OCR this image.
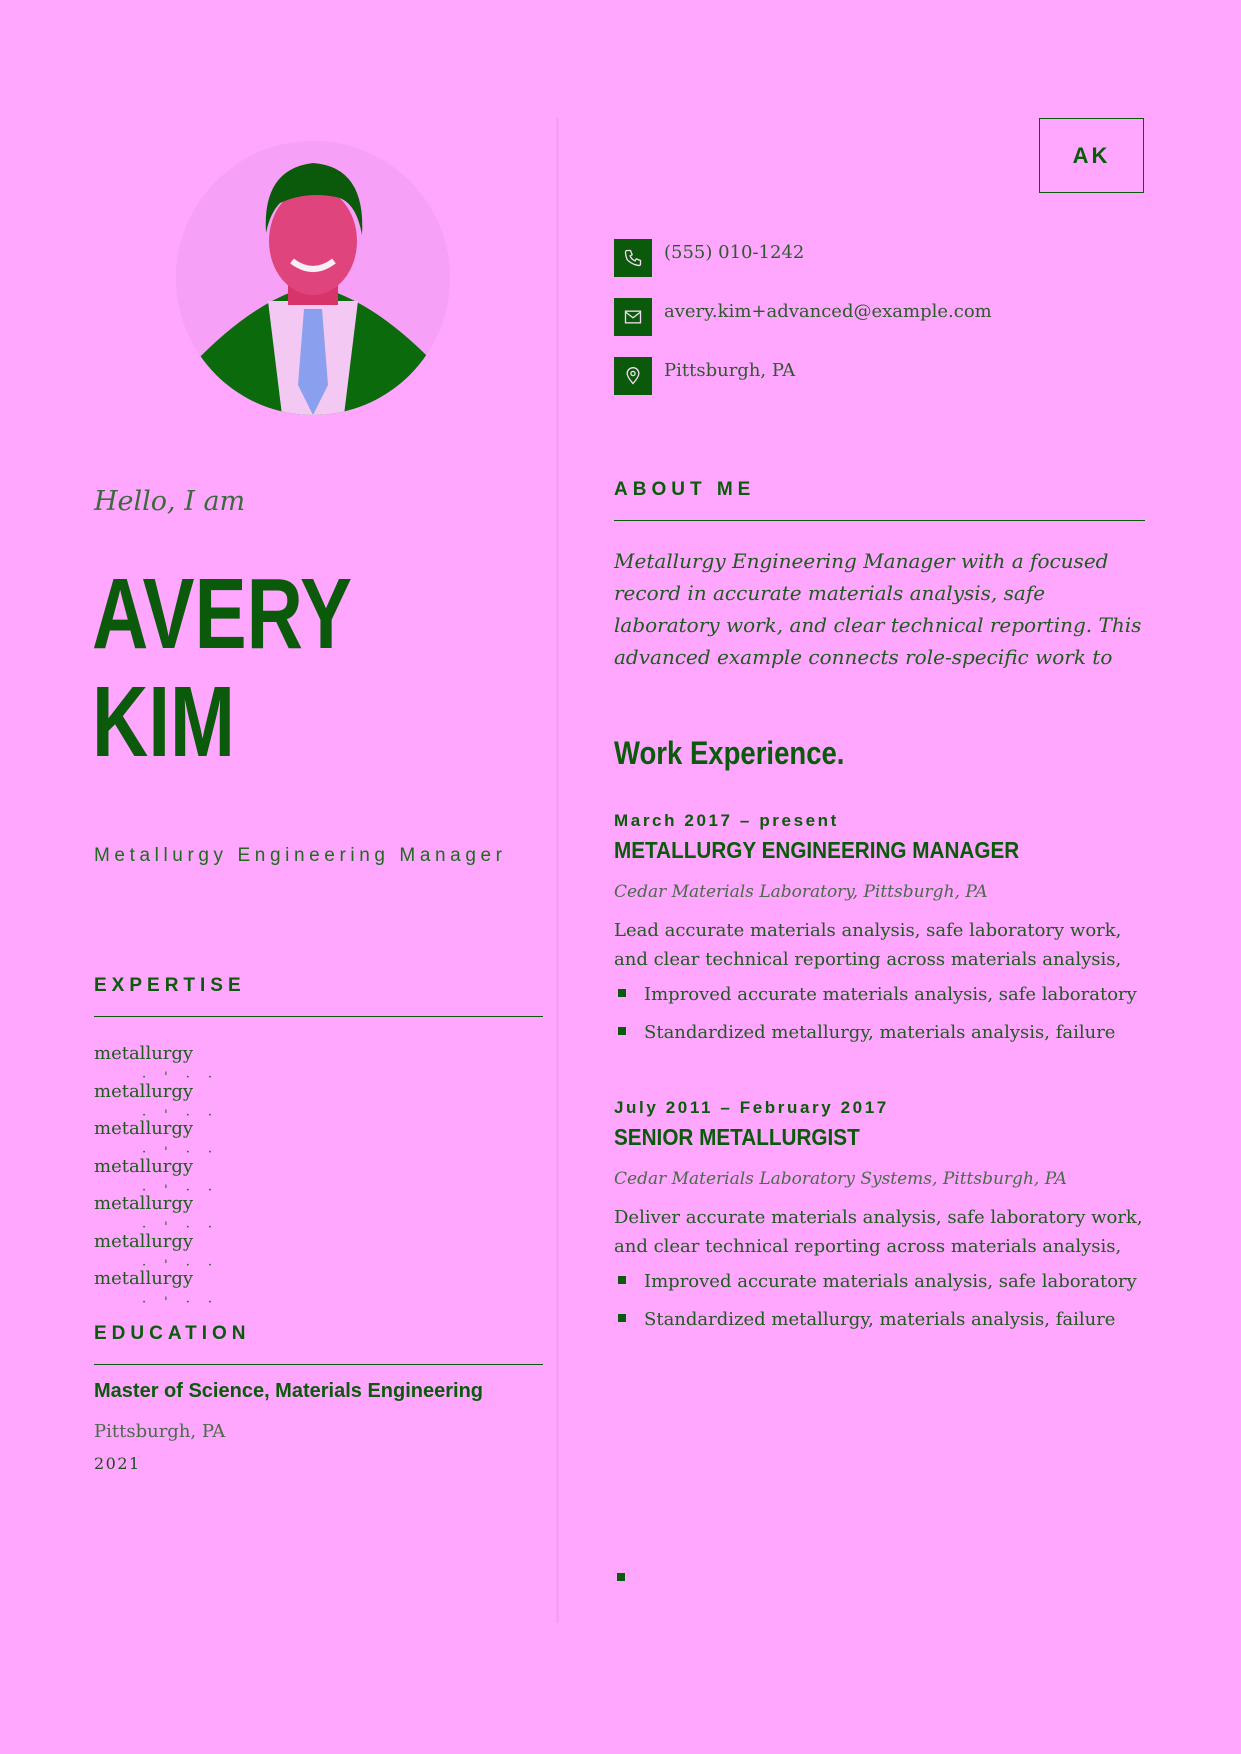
Hello, I am

AVERY
KIM

Metallurgy Engineering Manager

EXPERTISE
metallurgy
·'··
metallurgy
·'··
metallurgy
·'··
metallurgy
·'··
metallurgy
·'··
metallurgy
·'··
metallurgy
·'··
EDUCATION

Master of Science, Materials Engineering

Pittsburgh, PA

2021

AK
(555) 010-1242
avery.kim+advanced@example.com
Pittsburgh, PA
ABOUT ME

Metallurgy Engineering Manager with a focused record in accurate materials analysis, safe laboratory work, and clear technical reporting. This advanced example connects role-specific work to

Work Experience.

March 2017 – present

METALLURGY ENGINEERING MANAGER

Cedar Materials Laboratory, Pittsburgh, PA

Lead accurate materials analysis, safe laboratory work, and clear technical reporting across materials analysis,

Improved accurate materials analysis, safe laboratory
Standardized metallurgy, materials analysis, failure

July 2011 – February 2017

SENIOR METALLURGIST

Cedar Materials Laboratory Systems, Pittsburgh, PA

Deliver accurate materials analysis, safe laboratory work, and clear technical reporting across materials analysis,

Improved accurate materials analysis, safe laboratory
Standardized metallurgy, materials analysis, failure
